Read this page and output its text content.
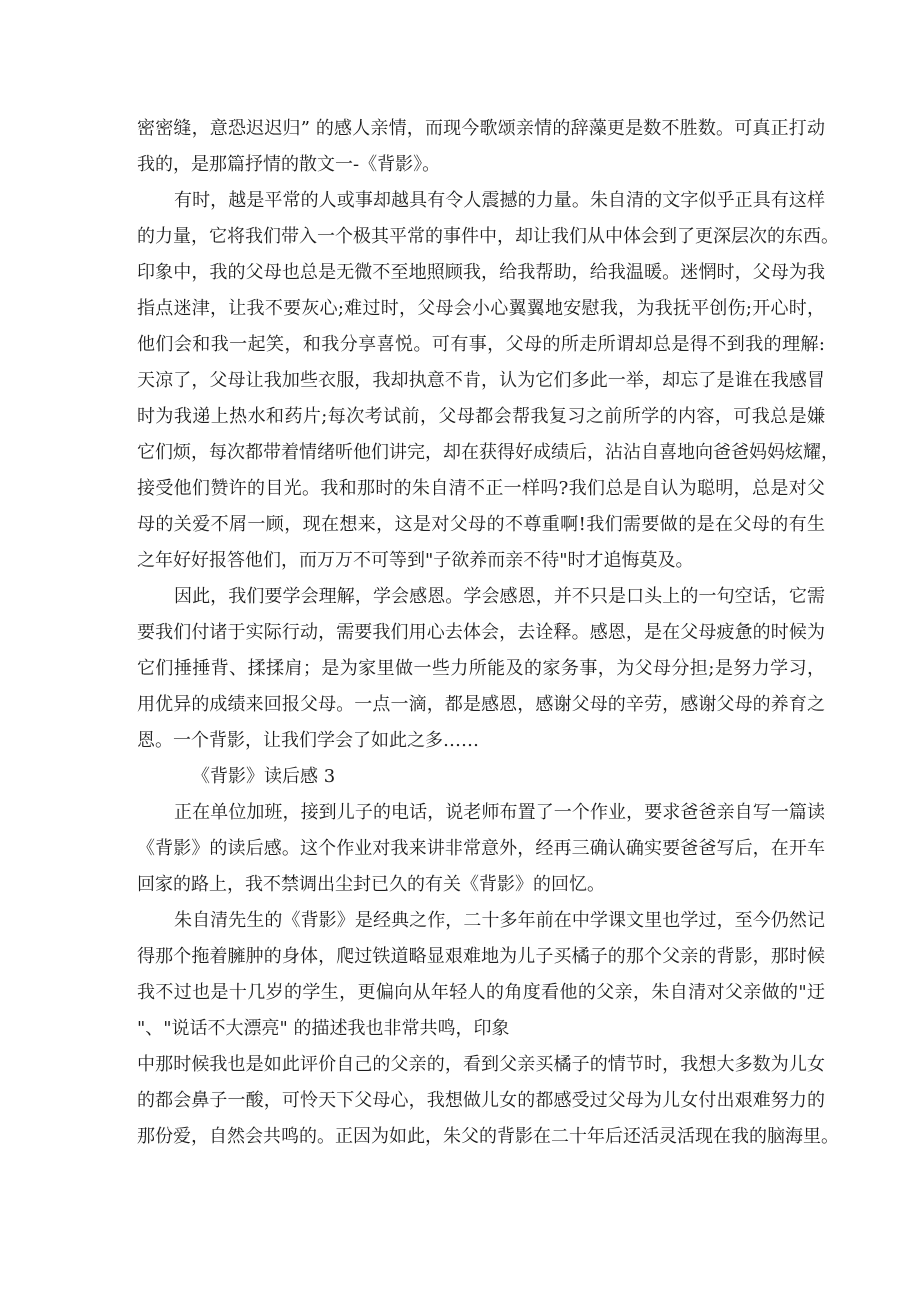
密密缝，意恐迟迟归” 的感人亲情，而现今歌颂亲情的辞藻更是数不胜数。可真正打动
我的，是那篇抒情的散文一-《背影》。
有时，越是平常的人或事却越具有令人震撼的力量。朱自清的文字似乎正具有这样
的力量，它将我们带入一个极其平常的事件中，却让我们从中体会到了更深层次的东西。
印象中，我的父母也总是无微不至地照顾我，给我帮助，给我温暖。迷惘时，父母为我
指点迷津，让我不要灰心;难过时，父母会小心翼翼地安慰我，为我抚平创伤;开心时，
他们会和我一起笑，和我分享喜悦。可有事，父母的所走所谓却总是得不到我的理解:
天凉了，父母让我加些衣服，我却执意不肯，认为它们多此一举，却忘了是谁在我感冒
时为我递上热水和药片;每次考试前，父母都会帮我复习之前所学的内容，可我总是嫌
它们烦，每次都带着情绪听他们讲完，却在获得好成绩后，沾沾自喜地向爸爸妈妈炫耀，
接受他们赞许的目光。我和那时的朱自清不正一样吗?我们总是自认为聪明，总是对父
母的关爱不屑一顾，现在想来，这是对父母的不尊重啊!我们需要做的是在父母的有生
之年好好报答他们，而万万不可等到"子欲养而亲不待"时才追悔莫及。
因此，我们要学会理解，学会感恩。学会感恩，并不只是口头上的一句空话，它需
要我们付诸于实际行动，需要我们用心去体会，去诠释。感恩，是在父母疲惫的时候为
它们捶捶背、揉揉肩；是为家里做一些力所能及的家务事，为父母分担;是努力学习，
用优异的成绩来回报父母。一点一滴，都是感恩，感谢父母的辛劳，感谢父母的养育之
恩。一个背影，让我们学会了如此之多……
《背影》读后感 3
正在单位加班，接到儿子的电话，说老师布置了一个作业，要求爸爸亲自写一篇读
《背影》的读后感。这个作业对我来讲非常意外，经再三确认确实要爸爸写后，在开车
回家的路上，我不禁调出尘封已久的有关《背影》的回忆。
朱自清先生的《背影》是经典之作，二十多年前在中学课文里也学过，至今仍然记
得那个拖着臃肿的身体，爬过铁道略显艰难地为儿子买橘子的那个父亲的背影，那时候
我不过也是十几岁的学生，更偏向从年轻人的角度看他的父亲，朱自清对父亲做的"迂
"、"说话不大漂亮" 的描述我也非常共鸣，印象
中那时候我也是如此评价自己的父亲的，看到父亲买橘子的情节时，我想大多数为儿女
的都会鼻子一酸，可怜天下父母心，我想做儿女的都感受过父母为儿女付出艰难努力的
那份爱，自然会共鸣的。正因为如此，朱父的背影在二十年后还活灵活现在我的脑海里。
